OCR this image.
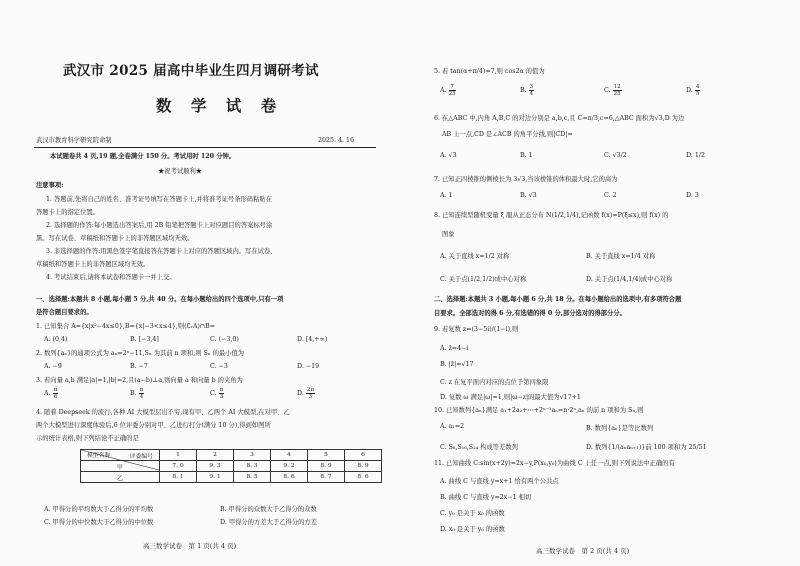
武汉市 2025 届高中毕业生四月调研考试
数 学 试 卷
武汉市教育科学研究院命制	2025. 4. 16
本试题卷共 4 页,19 题,全卷满分 150 分。考试用时 120 分钟。
★祝考试顺利★
注意事项:
1. 答题前,先将自己的姓名、准考证号填写在答题卡上,并将准考证号条形码粘贴在
答题卡上的指定位置。
2. 选择题的作答:每小题选出答案后,用 2B 铅笔把答题卡上对应题目的答案标号涂
黑。写在试卷、草稿纸和答题卡上的非答题区域均无效。
3. 非选择题的作答:用黑色签字笔直接答在答题卡上对应的答题区域内。写在试卷、
草稿纸和答题卡上的非答题区域均无效。
4. 考试结束后,请将本试卷和答题卡一并上交。
一、选择题:本题共 8 小题,每小题 5 分,共 40 分。在每小题给出的四个选项中,只有一项
是符合题目要求的。
1. 已知集合 A={x|x²−4x≤0},B={x|−3<x≤4},则(∁ᵣA)∩B=
A. (0,4)	B. [−3,4]	C. (−3,0)	D. [4,+∞)
2. 数列{aₙ}的通项公式为 aₙ=2ⁿ−11,Sₙ 为其前 n 项和,则 Sₙ 的最小值为
A. −9	B. −7	C. −3	D. −19
3. 若向量 a,b 满足|a|=1,|b|=2,且(a−b)⊥a,则向量 a 和向量 b 的夹角为
A. $\frac{\pi}{6}$	B. $\frac{\pi}{4}$	C. $\frac{\pi}{3}$	D. $\frac{2\pi}{3}$
4. 随着 Deepseek 的流行,各种 AI 大模型层出不穷,现有甲、乙两个 AI 大模型,在对甲、乙
两个大模型进行深度体验后,6 位评委分别对甲、乙进行打分(满分 10 分),得到如图所
示的统计表格,则下列结论不正确的是
评委编号
模型名称	1	2	3	4	5	6
甲	7. 0	9. 3	8. 3	9. 2	8. 9	8. 9
乙	8. 1	9. 1	8. 5	8. 6	8. 7	8. 6
A. 甲得分的平均数大于乙得分的平均数	B. 甲得分的众数大于乙得分的众数
C. 甲得分的中位数大于乙得分的中位数	D. 甲得分的方差大于乙得分的方差
高三数学试卷　第 1 页(共 4 页)
5. 若 tan(α+π/4)=7,则 cos2α 的值为
A. $\frac{7}{25}$	B. $\frac{3}{4}$	C. $\frac{12}{25}$	D. $\frac{4}{5}$
6. 在△ABC 中,内角 A,B,C 的对边分别是 a,b,c,且 C=π/3,c=6,△ABC 面积为√3,D 为边
AB 上一点,CD 是∠ACB 的角平分线,则|CD|=
A. √3	B. 1	C. √3/2	D. 1/2
7. 已知正四棱锥的侧棱长为 3√3,当该棱锥的体积最大时,它的高为
A. 1	B. √3	C. 2	D. 3
8. 已知连续型随机变量 ξ 服从正态分布 N(1/2,1/4),记函数 f(x)=P(ξ≤x),则 f(x) 的
图象
A. 关于直线 x=1/2 对称	B. 关于直线 x=1/4 对称
C. 关于点(1/2,1/2)成中心对称	D. 关于点(1/4,1/4)成中心对称
二、选择题:本题共 3 小题,每小题 6 分,共 18 分。在每小题给出的选项中,有多项符合题
目要求。全部选对的得 6 分,有选错的得 0 分,部分选对的得部分分。
9. 若复数 z=(3−5i)/(1−i),则
A. z̄=4−i
B. |z̄|=√17
C. z 在复平面内对应的点位于第四象限
D. 复数 ω 满足|ω|=1,则|ω−z|的最大值为√17+1
10. 已知数列{aₙ}满足 a₁+2a₂+⋯+2ⁿ⁻¹aₙ=n·2ⁿ,aₙ 的前 n 项和为 Sₙ,则
A. a₁=2	B. 数列{aₙ}是等比数列
C. S₈,S₁₆,S₂₄ 构成等差数列	D. 数列{1/(aₙaₙ₊₁)}前 100 项和为 25/51
11. 已知曲线 C:sin(x+2y)=2x−y,P(x₀,y₀)为曲线 C 上任一点,则下列说法中正确的有
A. 曲线 C 与直线 y=x+1 恰有两个公共点
B. 曲线 C 与直线 y=2x−1 相切
C. y₀ 是关于 x₀ 的函数
D. x₀ 是关于 y₀ 的函数
高三数学试卷　第 2 页(共 4 页)
